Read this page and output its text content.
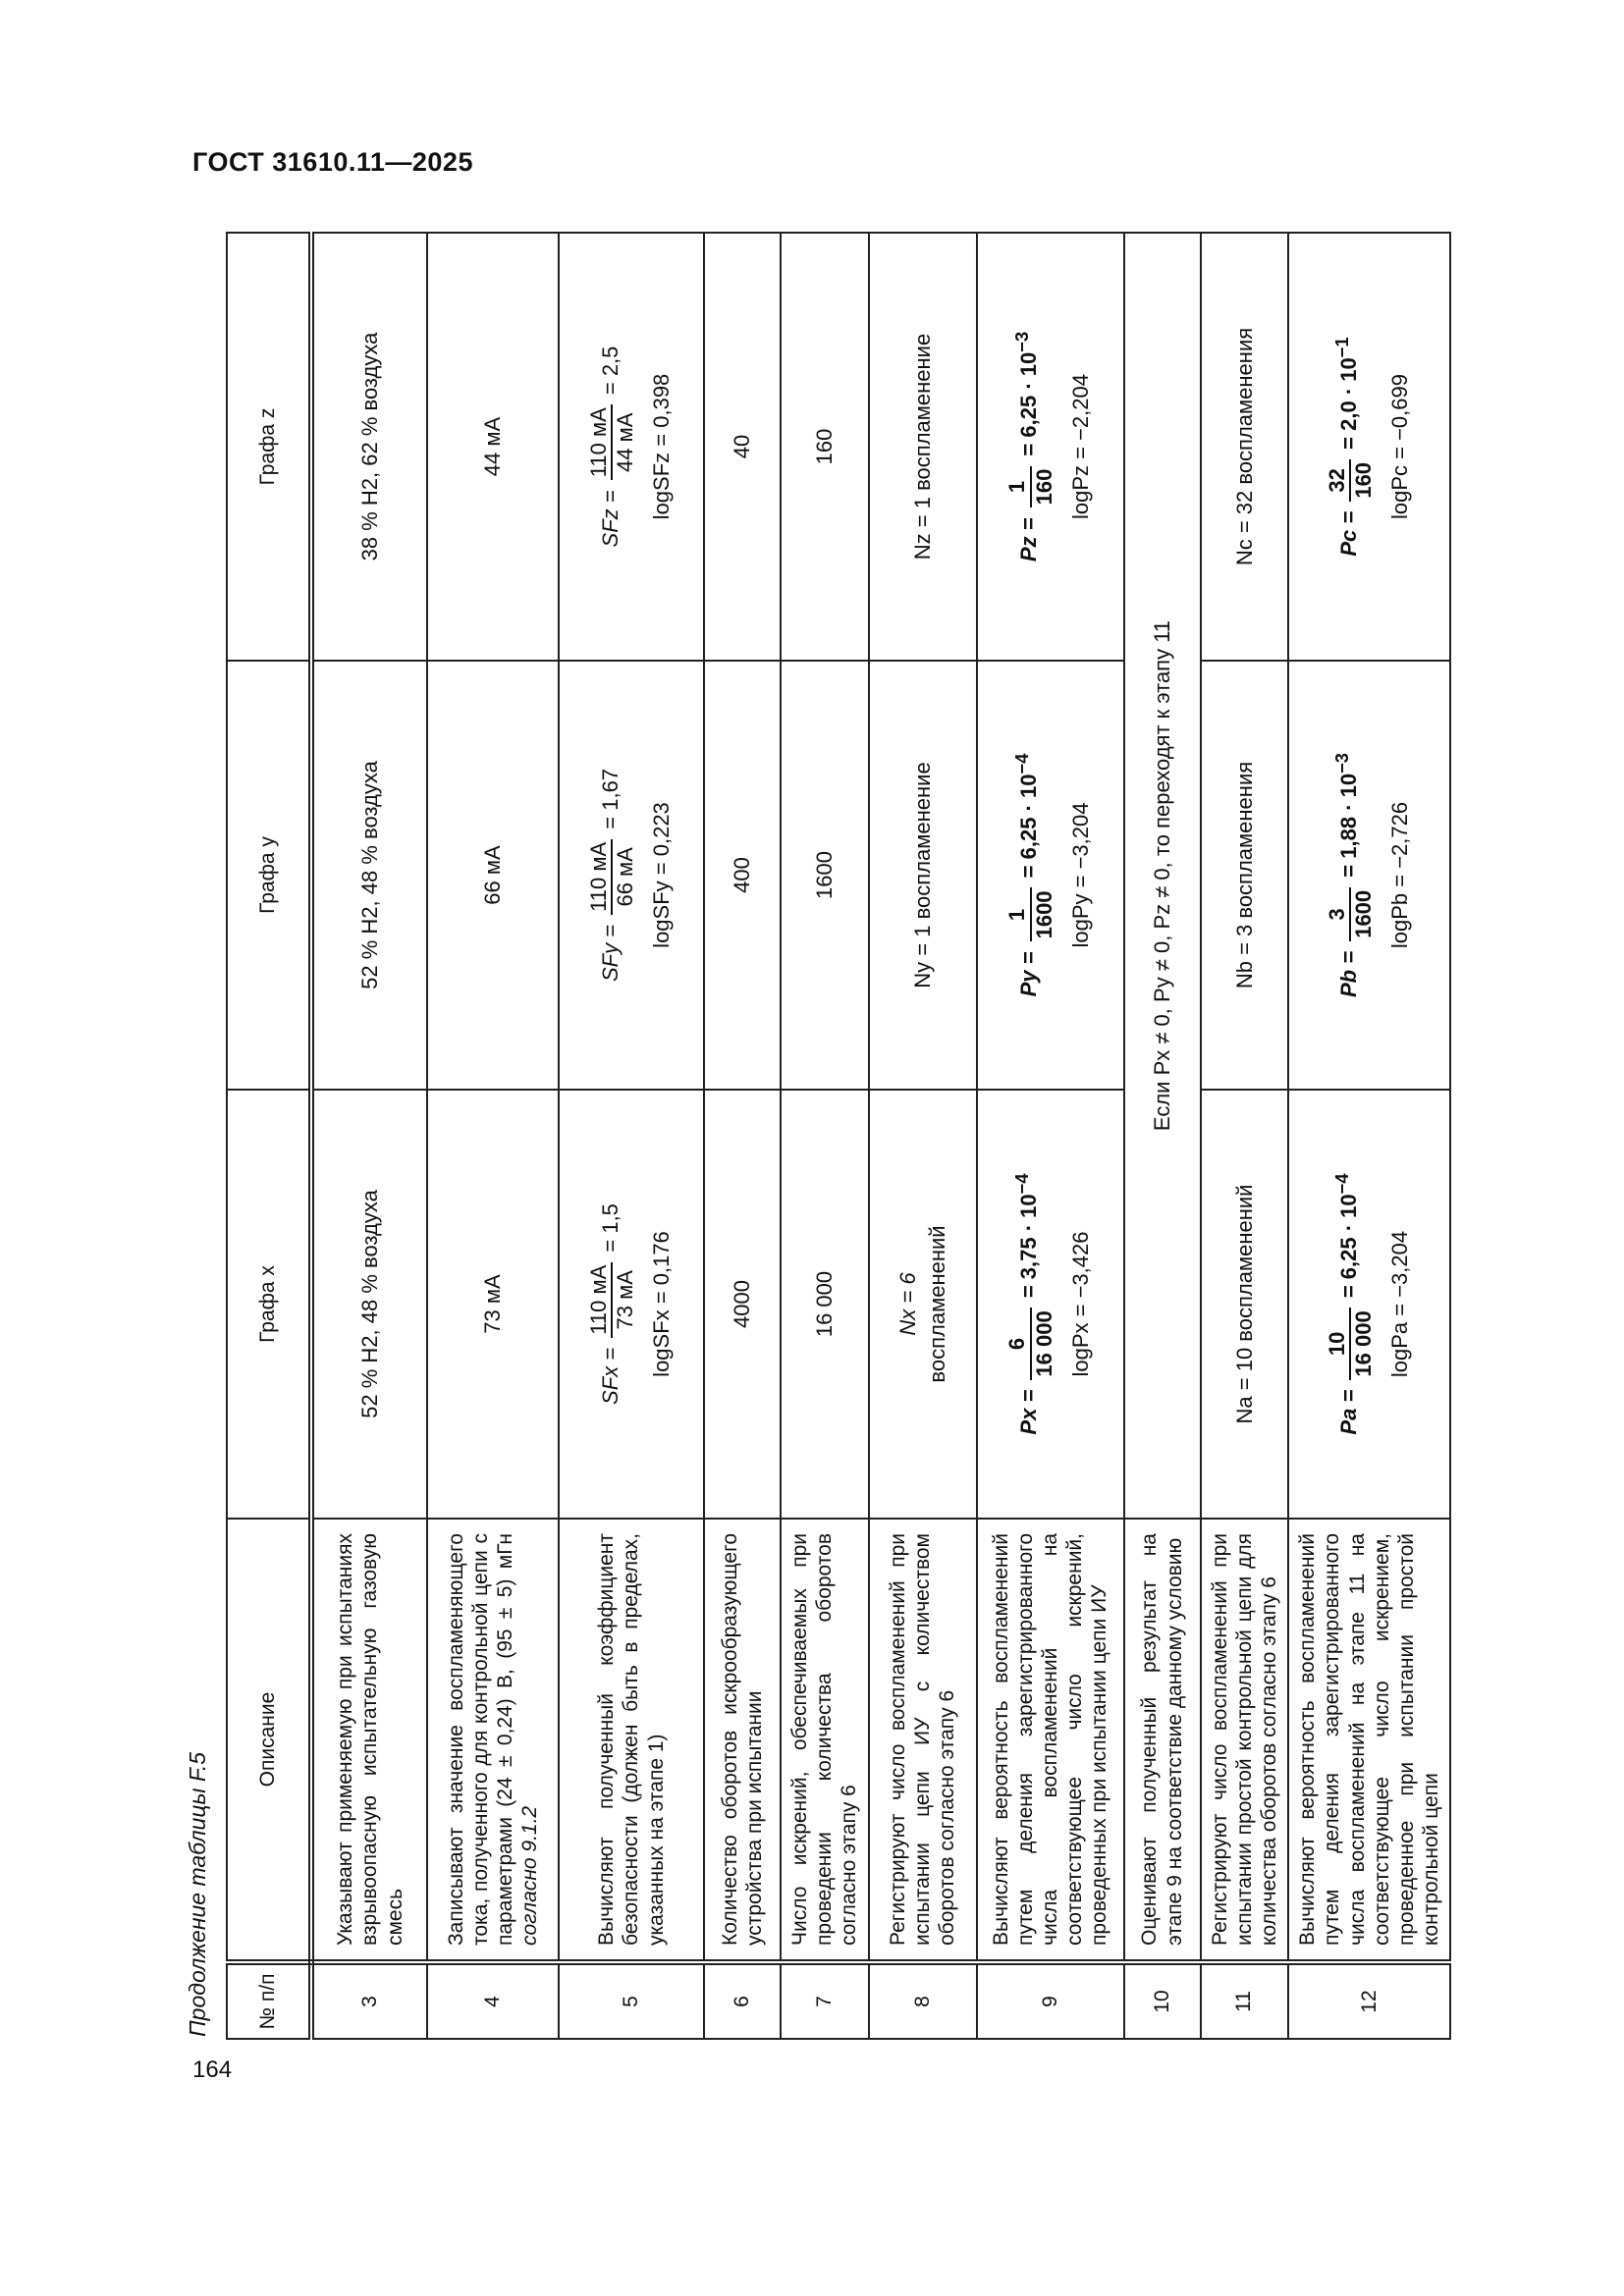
ГОСТ 31610.11—2025
164
Продолжение таблицы F.5	№ п/п	Описание	Графа x	Графа y	Графа z
3	Указывают применяемую при испытаниях взрывоопасную испытательную газовую смесь	52 % H2, 48 % воздуха	52 % H2, 48 % воздуха	38 % H2, 62 % воздуха
4	Записывают значение воспламеняющего тока, полученного для контрольной цепи с параметрами (24 ± 0,24) В, (95 ± 5) мГн согласно 9.1.2	73 мА	66 мА	44 мА
5	Вычисляют полученный коэффициент безопасности (должен быть в пределах, указанных на этапе 1)	SFx =
110 мА 73 мА
= 1,5
logSFx = 0,176	SFy =
110 мА 66 мА
= 1,67
logSFy = 0,223	SFz =
110 мА 44 мА
= 2,5
logSFz = 0,398

6	Количество оборотов искрообразующего устройства при испытании	4000	400	40
7	Число искрений, обеспечиваемых при проведении количества оборотов согласно этапу 6	16 000	1600	160
8	Регистрируют число воспламенений при испытании цепи ИУ с количеством оборотов согласно этапу 6	Nx = 6 воспламенений	Ny = 1 воспламенение	Nz = 1 воспламенение
9	Вычисляют вероятность воспламенений путем деления зарегистрированного числа воспламенений на соответствующее число искрений, проведенных при испытании цепи ИУ	Px =
6 16 000
= $3,75 \cdot 10^{-4}$
logPx = −3,426	Py =
1 1600
= $6,25 \cdot 10^{-4}$
logPy = −3,204	Pz =
1 160
= $6,25 \cdot 10^{-3}$
logPz = −2,204

10	Оценивают полученный результат на этапе 9 на соответствие данному условию	Если Px ≠ 0, Py ≠ 0, Pz ≠ 0, то переходят к этапу 11		
11	Регистрируют число воспламенений при испытании простой контрольной цепи для количества оборотов согласно этапу 6	Na = 10 воспламенений	Nb = 3 воспламенения	Nc = 32 воспламенения
12	Вычисляют вероятность воспламенений путем деления зарегистрированного числа воспламенений на этапе 11 на соответствующее число искрением, проведенное при испытании простой контрольной цепи	Pa =
10 16 000
= $6,25 \cdot 10^{-4}$
logPa = −3,204	Pb =
3 1600
= $1,88 \cdot 10^{-3}$
logPb = −2,726	Pc =
32 160
= $2,0 \cdot 10^{-1}$
logPc = −0,699
